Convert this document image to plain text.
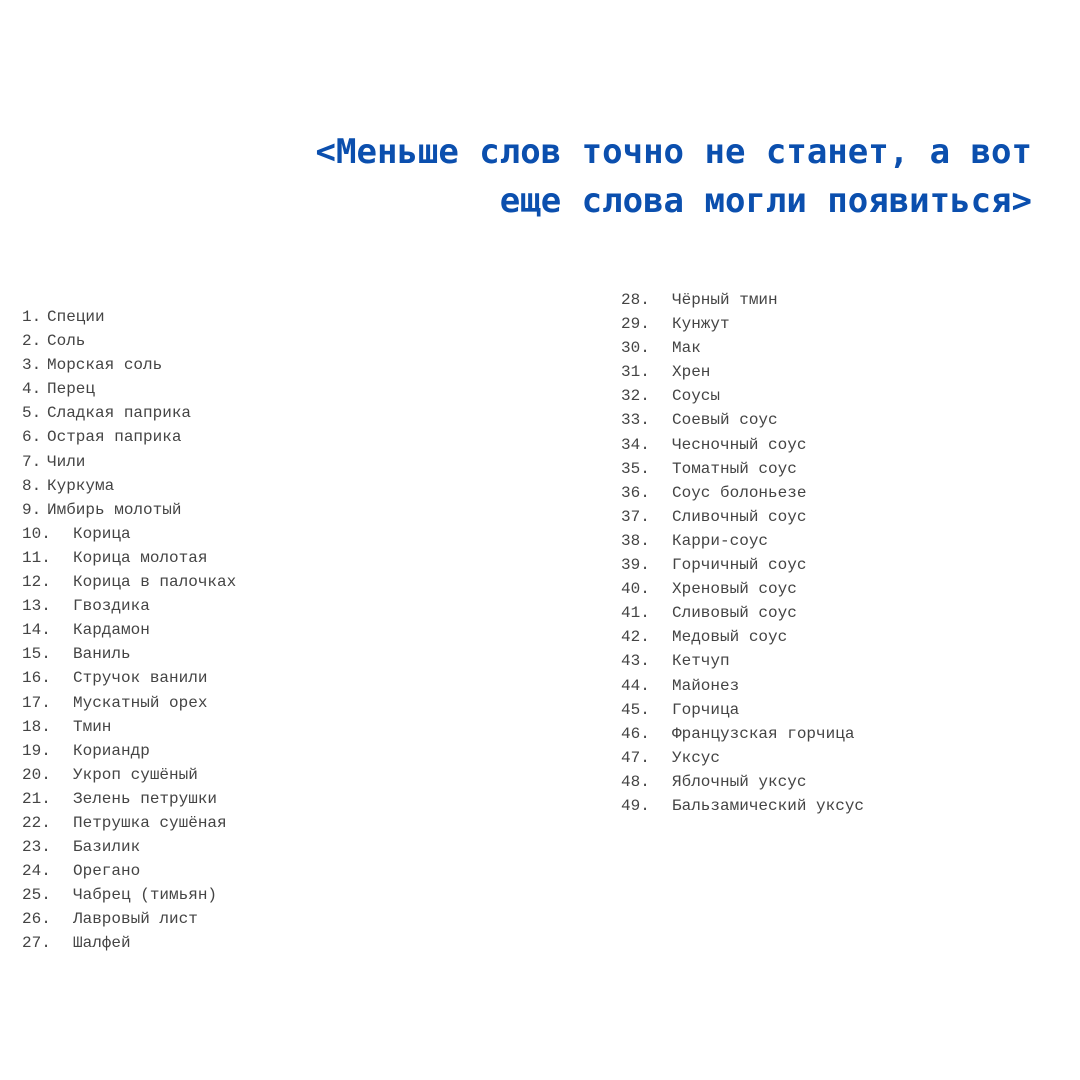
<Меньше слов точно не станет, а вот
еще слова могли появиться>
1. Специи
2. Соль
3. Морская соль
4. Перец
5. Сладкая паприка
6. Острая паприка
7. Чили
8. Куркума
9. Имбирь молотый
10. Корица
11. Корица молотая
12. Корица в палочках
13. Гвоздика
14. Кардамон
15. Ваниль
16. Стручок ванили
17. Мускатный орех
18. Тмин
19. Кориандр
20. Укроп сушёный
21. Зелень петрушки
22. Петрушка сушёная
23. Базилик
24. Орегано
25. Чабрец (тимьян)
26. Лавровый лист
27. Шалфей
28. Чёрный тмин
29. Кунжут
30. Мак
31. Хрен
32. Соусы
33. Соевый соус
34. Чесночный соус
35. Томатный соус
36. Соус болоньезе
37. Сливочный соус
38. Карри-соус
39. Горчичный соус
40. Хреновый соус
41. Сливовый соус
42. Медовый соус
43. Кетчуп
44. Майонез
45. Горчица
46. Французская горчица
47. Уксус
48. Яблочный уксус
49. Бальзамический уксус
